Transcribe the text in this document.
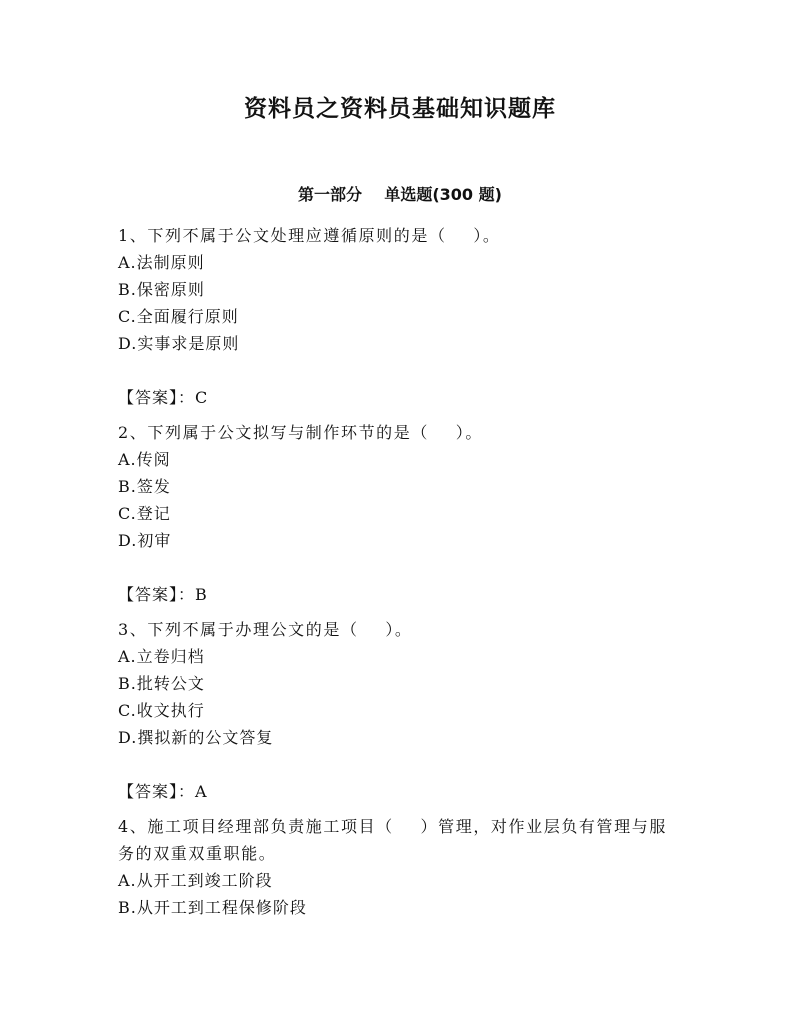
资料员之资料员基础知识题库
第一部分    单选题(300 题)
1、下列不属于公文处理应遵循原则的是（    ）。
A.法制原则
B.保密原则
C.全面履行原则
D.实事求是原则
【答案】：C
2、下列属于公文拟写与制作环节的是（    ）。
A.传阅
B.签发
C.登记
D.初审
【答案】：B
3、下列不属于办理公文的是（    ）。
A.立卷归档
B.批转公文
C.收文执行
D.撰拟新的公文答复
【答案】：A
4、施工项目经理部负责施工项目（    ）管理，对作业层负有管理与服务的双重双重职能。
A.从开工到竣工阶段
B.从开工到工程保修阶段
